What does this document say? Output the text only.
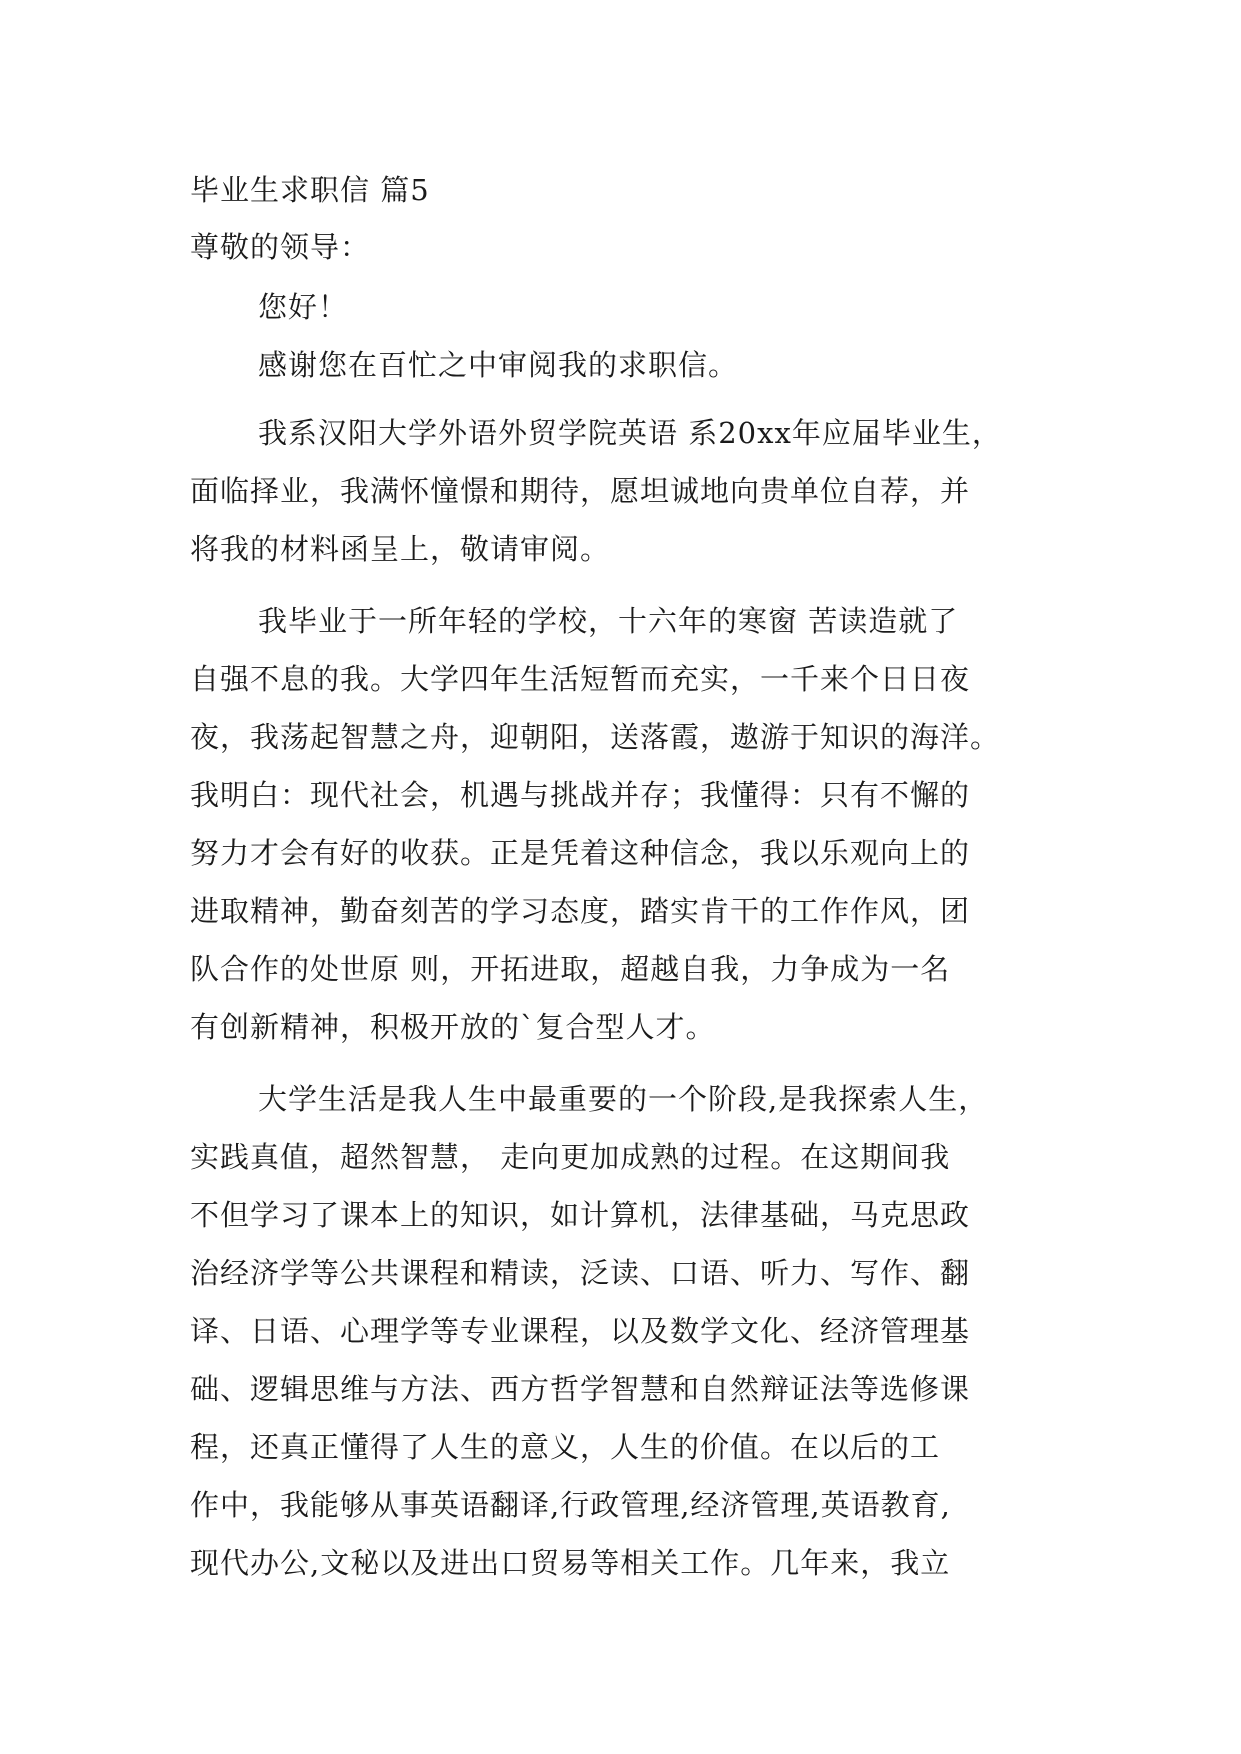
毕业生求职信 篇5
尊敬的领导：
您好！
感谢您在百忙之中审阅我的求职信。
我系汉阳大学外语外贸学院英语 系20xx年应届毕业生，
面临择业，我满怀憧憬和期待，愿坦诚地向贵单位自荐，并
将我的材料函呈上，敬请审阅。
我毕业于一所年轻的学校，十六年的寒窗 苦读造就了
自强不息的我。大学四年生活短暂而充实，一千来个日日夜
夜，我荡起智慧之舟，迎朝阳，送落霞，遨游于知识的海洋。
我明白：现代社会，机遇与挑战并存；我懂得：只有不懈的
努力才会有好的收获。正是凭着这种信念，我以乐观向上的
进取精神，勤奋刻苦的学习态度，踏实肯干的工作作风，团
队合作的处世原 则，开拓进取，超越自我，力争成为一名
有创新精神，积极开放的`复合型人才。
大学生活是我人生中最重要的一个阶段,是我探索人生，
实践真值，超然智慧， 走向更加成熟的过程。在这期间我
不但学习了课本上的知识，如计算机，法律基础，马克思政
治经济学等公共课程和精读，泛读、口语、听力、写作、翻
译、日语、心理学等专业课程，以及数学文化、经济管理基
础、逻辑思维与方法、西方哲学智慧和自然辩证法等选修课
程，还真正懂得了人生的意义，人生的价值。在以后的工
作中，我能够从事英语翻译,行政管理,经济管理,英语教育,
现代办公,文秘以及进出口贸易等相关工作。几年来，我立
